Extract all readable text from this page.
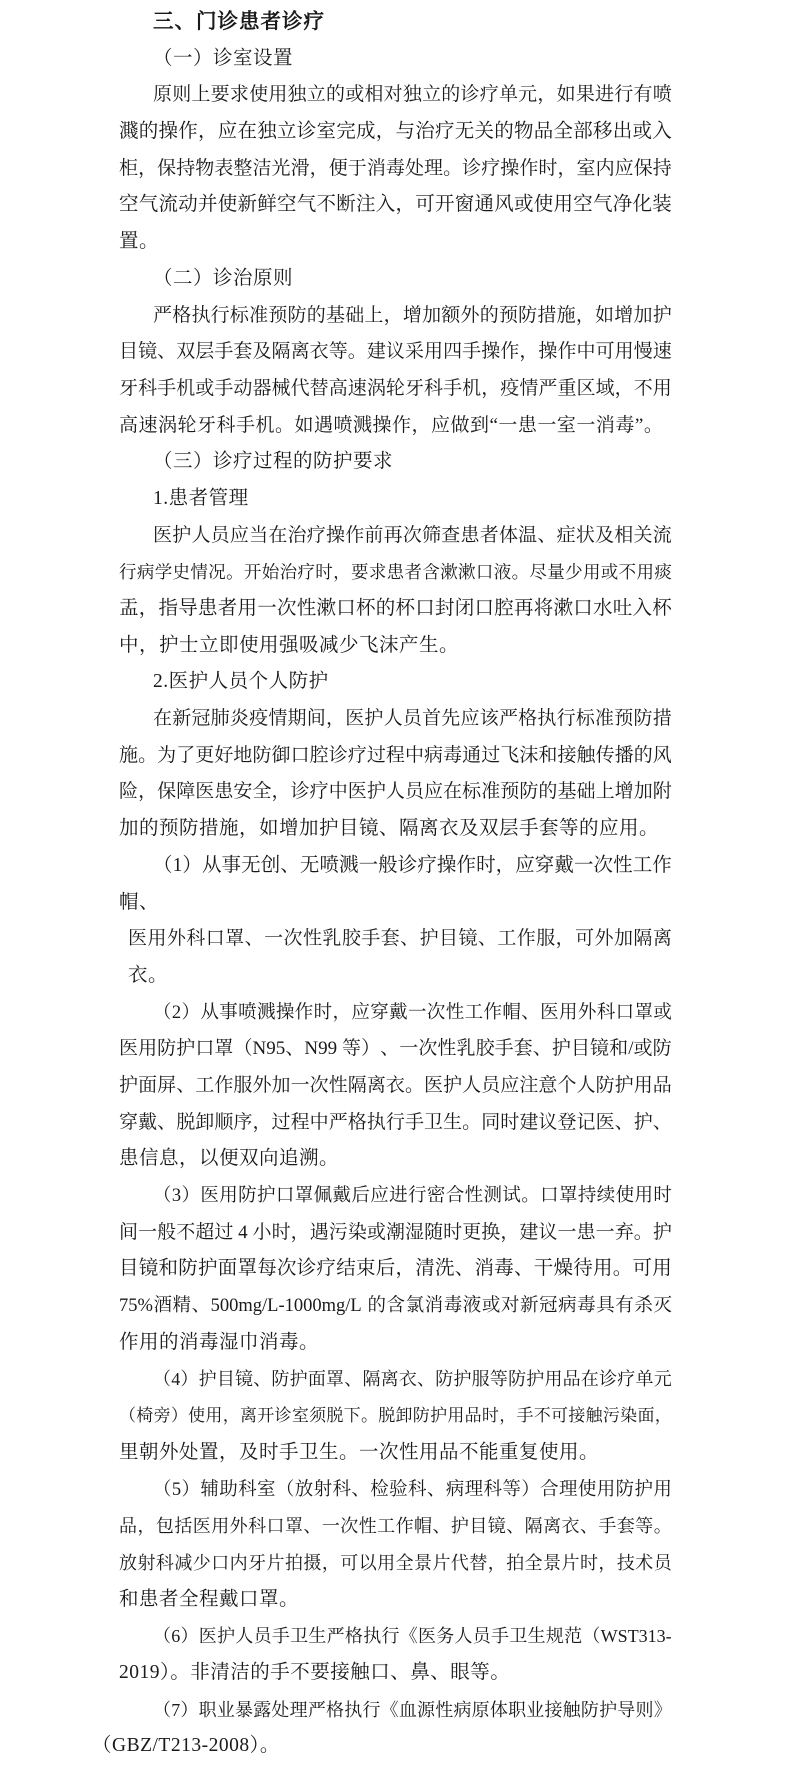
三、门诊患者诊疗
（一）诊室设置
原 则 上 要 求 使 用 独 立 的 或 相 对 独 立 的 诊 疗 单 元 ， 如 果 进 行 有 喷
濺 的 操 作 ， 应 在 独 立 诊 室 完 成 ， 与 治 疗 无 关 的 物 品 全 部 移 出 或 入
柜 ， 保 持 物 表 整 洁 光 滑 ， 便 于 消 毒 处 理 。 诊 疗 操 作 时 ， 室 内 应 保 持
空 气 流 动 并 使 新 鲜 空 气 不 断 注 入 ， 可 开 窗 通 风 或 使 用 空 气 净 化 装
置。
（二）诊治原则
严 格 执 行 标 准 预 防 的 基 础 上 ， 增 加 额 外 的 预 防 措 施 ， 如 增 加 护
目 镜 、 双 层 手 套 及 隔 离 衣 等 。 建 议 采 用 四 手 操 作 ， 操 作 中 可 用 慢 速
牙 科 手 机 或 手 动 器 械 代 替 高 速 涡 轮 牙 科 手 机 ， 疫 情 严 重 区 域 ， 不 用
高速涡轮牙科手机。如遇喷溅操作，应做到“一患一室一消毒”。
（三）诊疗过程的防护要求
1.患者管理
医 护 人 员 应 当 在 治 疗 操 作 前 再 次 筛 查 患 者 体 温 、 症 状 及 相 关 流
行 病 学 史 情 况 。 开 始 治 疗 时 ， 要 求 患 者 含 漱 漱 口 液 。 尽 量 少 用 或 不 用 痰
盂 ， 指 导 患 者 用 一 次 性 漱 口 杯 的 杯 口 封 闭 口 腔 再 将 漱 口 水 吐 入 杯
中，护士立即使用强吸减少飞沫产生。
2.医护人员个人防护
在 新 冠 肺 炎 疫 情 期 间 ， 医 护 人 员 首 先 应 该 严 格 执 行 标 准 预 防 措
施 。 为 了 更 好 地 防 御 口 腔 诊 疗 过 程 中 病 毒 通 过 飞 沫 和 接 触 传 播 的 风
险 ， 保 障 医 患 安 全 ， 诊 疗 中 医 护 人 员 应 在 标 准 预 防 的 基 础 上 增 加 附
加的预防措施，如增加护目镜、隔离衣及双层手套等的应用。
（ 1 ） 从 事 无 创 、 无 喷 溅 一 般 诊 疗 操 作 时 ， 应 穿 戴 一 次 性 工 作
帽、
医 用 外 科 口 罩 、 一 次 性 乳 胶 手 套 、 护 目 镜 、 工 作 服 ， 可 外 加 隔 离
衣。
（ 2 ） 从 事 喷 溅 操 作 时 ， 应 穿 戴 一 次 性 工 作 帽 、 医 用 外 科 口 罩 或
医 用 防 护 口 罩 （ N95 、 N99
等 ） 、 一 次 性 乳 胶 手 套 、 护 目 镜 和 / 或 防
护 面 屏 、 工 作 服 外 加 一 次 性 隔 离 衣 。 医 护 人 员 应 注 意 个 人 防 护 用 品
穿 戴 、 脱 卸 顺 序 ， 过 程 中 严 格 执 行 手 卫 生 。 同 时 建 议 登 记 医 、 护 、
患信息，以便双向追溯。
（ 3 ） 医 用 防 护 口 罩 佩 戴 后 应 进 行 密 合 性 测 试 。 口 罩 持 续 使 用 时
间 一 般 不 超 过
4
小 时 ， 遇 污 染 或 潮 湿 随 时 更 换 ， 建 议 一 患 一 弃 。 护
目 镜 和 防 护 面 罩 每 次 诊 疗 结 束 后 ， 清 洗 、 消 毒 、 干 燥 待 用 。 可 用
75% 酒 精 、 500mg/L-1000mg/L
的 含 氯 消 毒 液 或 对 新 冠 病 毒 具 有 杀 灭
作用的消毒湿巾消毒。
（ 4 ） 护 目 镜 、 防 护 面 罩 、 隔 离 衣 、 防 护 服 等 防 护 用 品 在 诊 疗 单 元
（ 椅 旁 ） 使 用 ， 离 开 诊 室 须 脱 下 。 脱 卸 防 护 用 品 时 ， 手 不 可 接 触 污 染 面 ，
里朝外处置，及时手卫生。一次性用品不能重复使用。
（ 5 ） 辅 助 科 室 （ 放 射 科 、 检 验 科 、 病 理 科 等 ） 合 理 使 用 防 护 用
品 ， 包 括 医 用 外 科 口 罩 、 一 次 性 工 作 帽 、 护 目 镜 、 隔 离 衣 、 手 套 等 。
放 射 科 减 少 口 内 牙 片 拍 摄 ， 可 以 用 全 景 片 代 替 ， 拍 全 景 片 时 ， 技 术 员
和患者全程戴口罩。
（ 6 ） 医 护 人 员 手 卫 生 严 格 执 行 《 医 务 人 员 手 卫 生 规 范 （ WST313-
2019）。非清洁的手不要接触口、鼻、眼等。
（ 7 ） 职 业 暴 露 处 理 严 格 执 行 《 血 源 性 病 原 体 职 业 接 触 防 护 导 则 》
（GBZ/T213-2008）。
